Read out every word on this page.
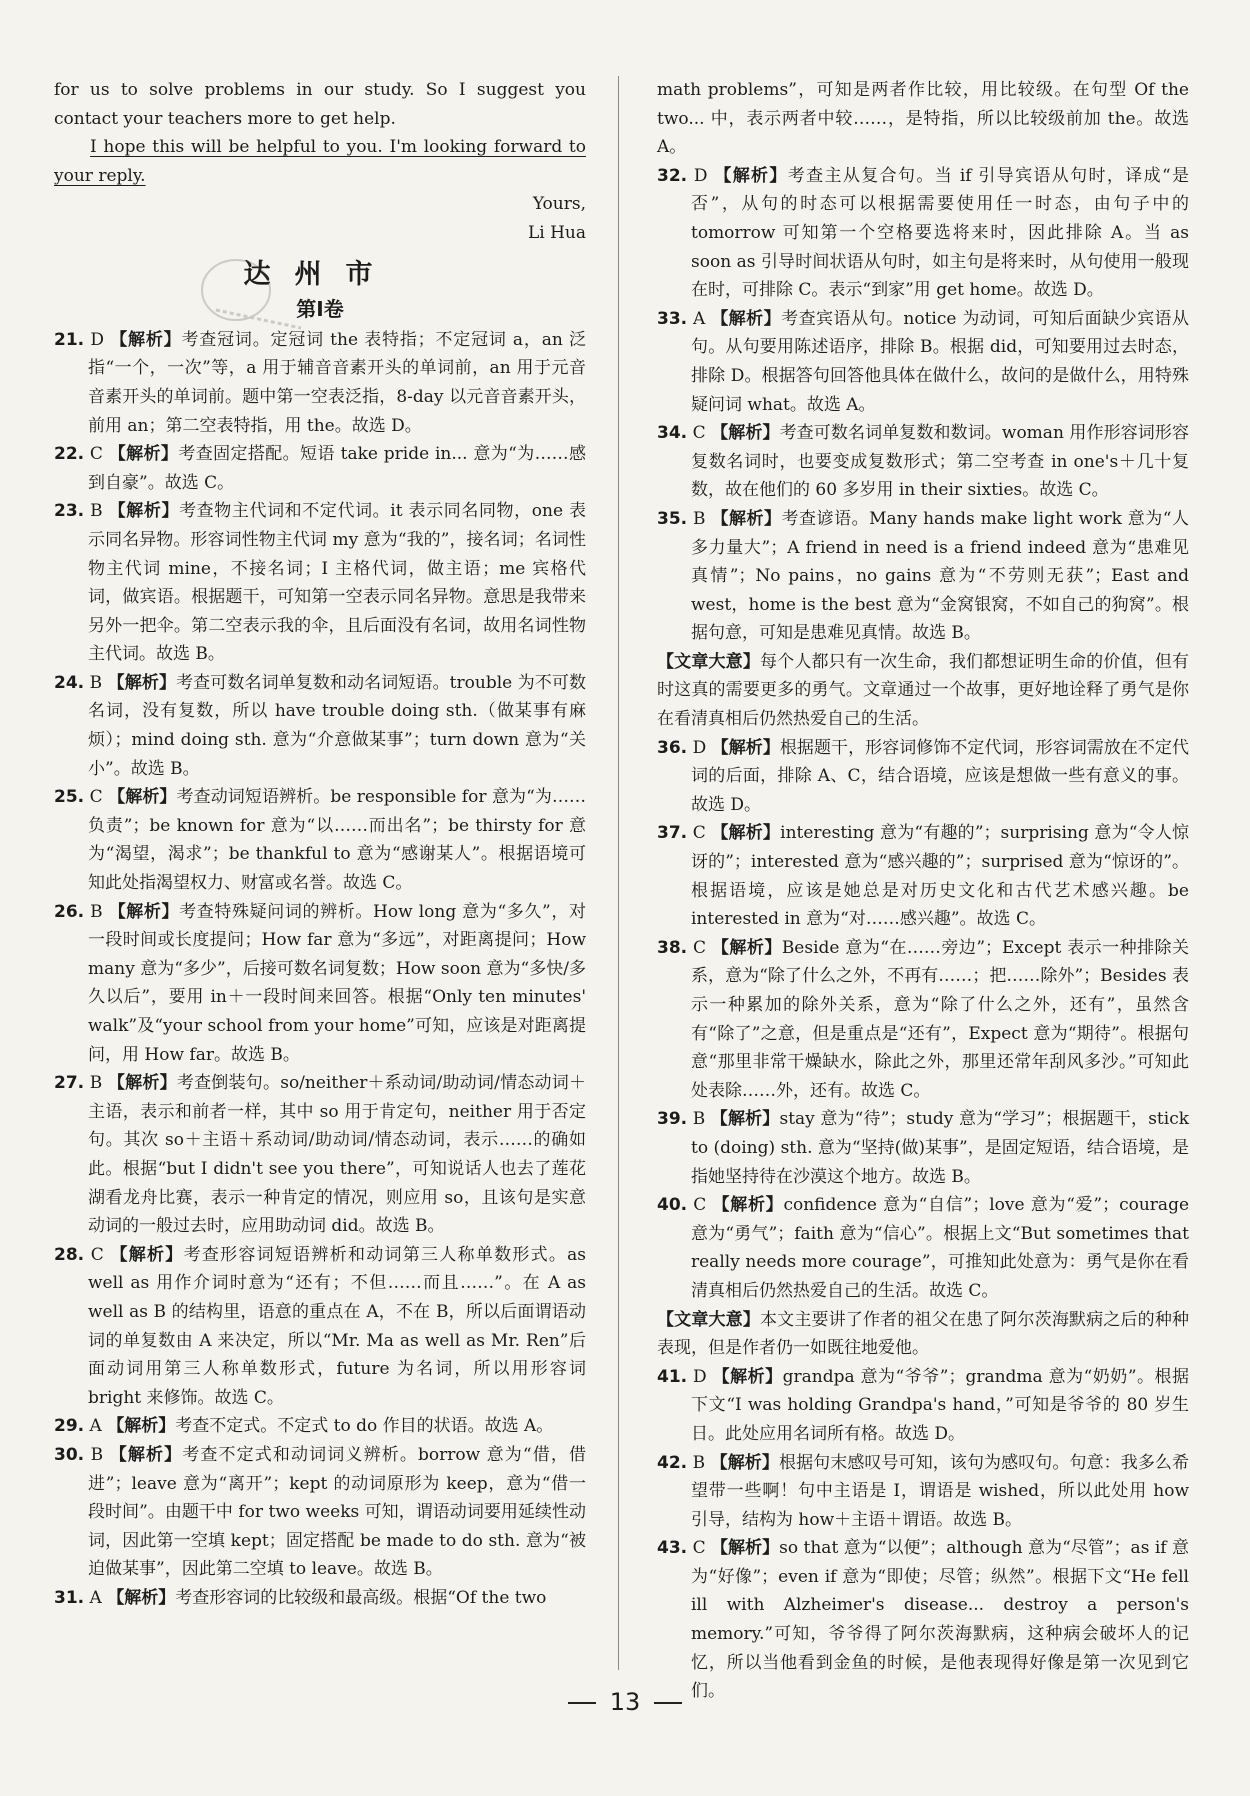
for us to solve problems in our study. So I suggest you contact your teachers more to get help.

I hope this will be helpful to you. I'm looking forward to your reply.

Yours,

Li Hua

达州市
第Ⅰ卷

21. D 【解析】考查冠词。定冠词 the 表特指；不定冠词 a，an 泛指“一个，一次”等，a 用于辅音音素开头的单词前，an 用于元音音素开头的单词前。题中第一空表泛指，8-day 以元音音素开头，前用 an；第二空表特指，用 the。故选 D。

22. C 【解析】考查固定搭配。短语 take pride in... 意为“为……感到自豪”。故选 C。

23. B 【解析】考查物主代词和不定代词。it 表示同名同物，one 表示同名异物。形容词性物主代词 my 意为“我的”，接名词；名词性物主代词 mine，不接名词；I 主格代词，做主语；me 宾格代词，做宾语。根据题干，可知第一空表示同名异物。意思是我带来另外一把伞。第二空表示我的伞，且后面没有名词，故用名词性物主代词。故选 B。

24. B 【解析】考查可数名词单复数和动名词短语。trouble 为不可数名词，没有复数，所以 have trouble doing sth.（做某事有麻烦）；mind doing sth. 意为“介意做某事”；turn down 意为“关小”。故选 B。

25. C 【解析】考查动词短语辨析。be responsible for 意为“为……负责”；be known for 意为“以……而出名”；be thirsty for 意为“渴望，渴求”；be thankful to 意为“感谢某人”。根据语境可知此处指渴望权力、财富或名誉。故选 C。

26. B 【解析】考查特殊疑问词的辨析。How long 意为“多久”，对一段时间或长度提问；How far 意为“多远”，对距离提问；How many 意为“多少”，后接可数名词复数；How soon 意为“多快/多久以后”，要用 in＋一段时间来回答。根据“Only ten minutes' walk”及“your school from your home”可知，应该是对距离提问，用 How far。故选 B。

27. B 【解析】考查倒装句。so/neither＋系动词/助动词/情态动词＋主语，表示和前者一样，其中 so 用于肯定句，neither 用于否定句。其次 so＋主语＋系动词/助动词/情态动词，表示……的确如此。根据“but I didn't see you there”，可知说话人也去了莲花湖看龙舟比赛，表示一种肯定的情况，则应用 so，且该句是实意动词的一般过去时，应用助动词 did。故选 B。

28. C 【解析】考查形容词短语辨析和动词第三人称单数形式。as well as 用作介词时意为“还有；不但……而且……”。在 A as well as B 的结构里，语意的重点在 A，不在 B，所以后面谓语动词的单复数由 A 来决定，所以“Mr. Ma as well as Mr. Ren”后面动词用第三人称单数形式，future 为名词，所以用形容词 bright 来修饰。故选 C。

29. A 【解析】考查不定式。不定式 to do 作目的状语。故选 A。

30. B 【解析】考查不定式和动词词义辨析。borrow 意为“借，借进”；leave 意为“离开”；kept 的动词原形为 keep，意为“借一段时间”。由题干中 for two weeks 可知，谓语动词要用延续性动词，因此第一空填 kept；固定搭配 be made to do sth. 意为“被迫做某事”，因此第二空填 to leave。故选 B。

31. A 【解析】考查形容词的比较级和最高级。根据“Of the two

math problems”，可知是两者作比较，用比较级。在句型 Of the two... 中，表示两者中较……，是特指，所以比较级前加 the。故选 A。

32. D 【解析】考查主从复合句。当 if 引导宾语从句时，译成“是否”，从句的时态可以根据需要使用任一时态，由句子中的 tomorrow 可知第一个空格要选将来时，因此排除 A。当 as soon as 引导时间状语从句时，如主句是将来时，从句使用一般现在时，可排除 C。表示“到家”用 get home。故选 D。

33. A 【解析】考查宾语从句。notice 为动词，可知后面缺少宾语从句。从句要用陈述语序，排除 B。根据 did，可知要用过去时态，排除 D。根据答句回答他具体在做什么，故问的是做什么，用特殊疑问词 what。故选 A。

34. C 【解析】考查可数名词单复数和数词。woman 用作形容词形容复数名词时，也要变成复数形式；第二空考查 in one's＋几十复数，故在他们的 60 多岁用 in their sixties。故选 C。

35. B 【解析】考查谚语。Many hands make light work 意为“人多力量大”；A friend in need is a friend indeed 意为“患难见真情”；No pains，no gains 意为“不劳则无获”；East and west，home is the best 意为“金窝银窝，不如自己的狗窝”。根据句意，可知是患难见真情。故选 B。

【文章大意】每个人都只有一次生命，我们都想证明生命的价值，但有时这真的需要更多的勇气。文章通过一个故事，更好地诠释了勇气是你在看清真相后仍然热爱自己的生活。

36. D 【解析】根据题干，形容词修饰不定代词，形容词需放在不定代词的后面，排除 A、C，结合语境，应该是想做一些有意义的事。故选 D。

37. C 【解析】interesting 意为“有趣的”；surprising 意为“令人惊讶的”；interested 意为“感兴趣的”；surprised 意为“惊讶的”。根据语境，应该是她总是对历史文化和古代艺术感兴趣。be interested in 意为“对……感兴趣”。故选 C。

38. C 【解析】Beside 意为“在……旁边”；Except 表示一种排除关系，意为“除了什么之外，不再有……；把……除外”；Besides 表示一种累加的除外关系，意为“除了什么之外，还有”，虽然含有“除了”之意，但是重点是“还有”，Expect 意为“期待”。根据句意“那里非常干燥缺水，除此之外，那里还常年刮风多沙。”可知此处表除……外，还有。故选 C。

39. B 【解析】stay 意为“待”；study 意为“学习”；根据题干，stick to (doing) sth. 意为“坚持(做)某事”，是固定短语，结合语境，是指她坚持待在沙漠这个地方。故选 B。

40. C 【解析】confidence 意为“自信”；love 意为“爱”；courage 意为“勇气”；faith 意为“信心”。根据上文“But sometimes that really needs more courage”，可推知此处意为：勇气是你在看清真相后仍然热爱自己的生活。故选 C。

【文章大意】本文主要讲了作者的祖父在患了阿尔茨海默病之后的种种表现，但是作者仍一如既往地爱他。

41. D 【解析】grandpa 意为“爷爷”；grandma 意为“奶奶”。根据下文“I was holding Grandpa's hand，”可知是爷爷的 80 岁生日。此处应用名词所有格。故选 D。

42. B 【解析】根据句末感叹号可知，该句为感叹句。句意：我多么希望带一些啊！句中主语是 I，谓语是 wished，所以此处用 how 引导，结构为 how＋主语＋谓语。故选 B。

43. C 【解析】so that 意为“以便”；although 意为“尽管”；as if 意为“好像”；even if 意为“即使；尽管；纵然”。根据下文“He fell ill with Alzheimer's disease... destroy a person's memory.”可知，爷爷得了阿尔茨海默病，这种病会破坏人的记忆，所以当他看到金鱼的时候，是他表现得好像是第一次见到它们。

13
